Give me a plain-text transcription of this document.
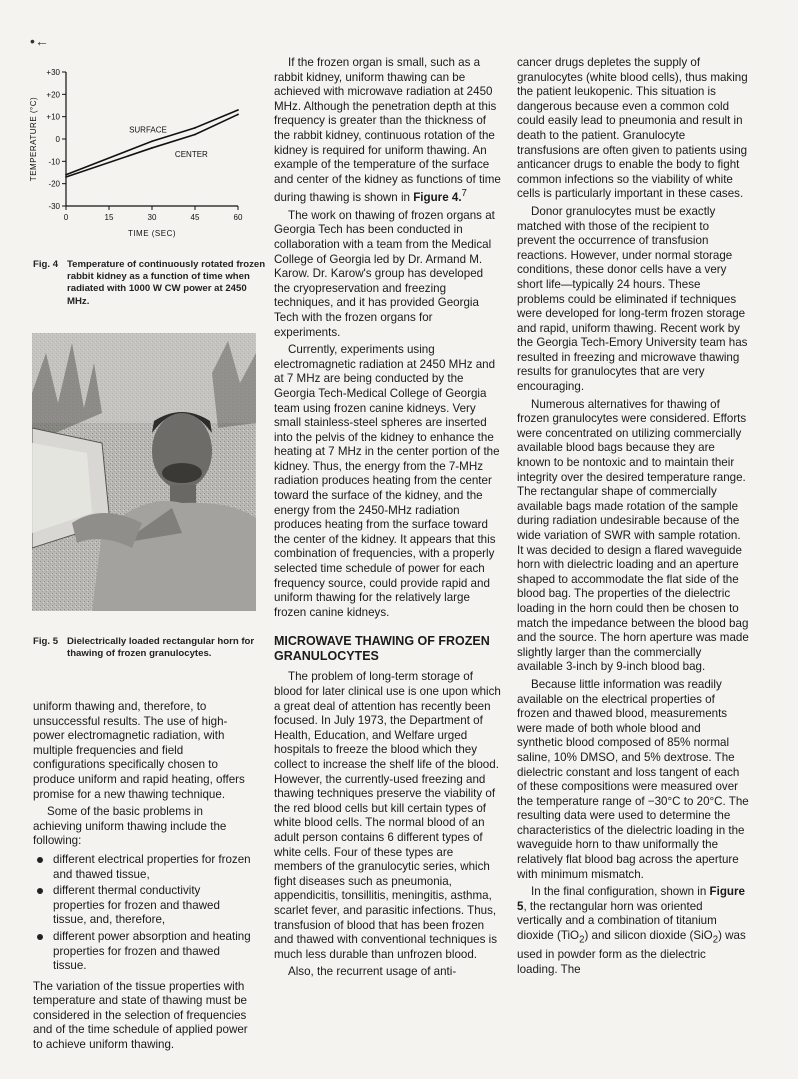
•←
+30
+20
+10
0
-10
-20
-30
0	15	30	45	60
TIME (SEC)
TEMPERATURE (°C)	SURFACE
CENTER
Fig. 4 Temperature of continuously rotated frozen rabbit kidney as a function of time when radiated with 1000 W CW power at 2450 MHz.
Fig. 5 Dielectrically loaded rectangular horn for thawing of frozen granulocytes.

uniform thawing and, therefore, to unsuccessful results. The use of high-power electromagnetic radiation, with multiple frequencies and field configurations specifically chosen to produce uniform and rapid heating, offers promise for a new thawing technique.

Some of the basic problems in achieving uniform thawing include the following:

different electrical properties for frozen and thawed tissue,
different thermal conductivity properties for frozen and thawed tissue, and, therefore,
different power absorption and heating properties for frozen and thawed tissue.

The variation of the tissue properties with temperature and state of thawing must be considered in the selection of frequencies and of the time schedule of applied power to achieve uniform thawing.

If the frozen organ is small, such as a rabbit kidney, uniform thawing can be achieved with microwave radiation at 2450 MHz. Although the penetration depth at this frequency is greater than the thickness of the rabbit kidney, continuous rotation of the kidney is required for uniform thawing. An example of the temperature of the surface and center of the kidney as functions of time during thawing is shown in Figure 4.$^7$

The work on thawing of frozen organs at Georgia Tech has been conducted in collaboration with a team from the Medical College of Georgia led by Dr. Armand M. Karow. Dr. Karow's group has developed the cryopreservation and freezing techniques, and it has provided Georgia Tech with the frozen organs for experiments.

Currently, experiments using electromagnetic radiation at 2450 MHz and at 7 MHz are being conducted by the Georgia Tech-Medical College of Georgia team using frozen canine kidneys. Very small stainless-steel spheres are inserted into the pelvis of the kidney to enhance the heating at 7 MHz in the center portion of the kidney. Thus, the energy from the 7-MHz radiation produces heating from the center toward the surface of the kidney, and the energy from the 2450-MHz radiation produces heating from the surface toward the center of the kidney. It appears that this combination of frequencies, with a properly selected time schedule of power for each frequency source, could provide rapid and uniform thawing for the relatively large frozen canine kidneys.

MICROWAVE THAWING OF FROZEN GRANULOCYTES

The problem of long-term storage of blood for later clinical use is one upon which a great deal of attention has recently been focused. In July 1973, the Department of Health, Education, and Welfare urged hospitals to freeze the blood which they collect to increase the shelf life of the blood. However, the currently-used freezing and thawing techniques preserve the viability of the red blood cells but kill certain types of white blood cells. The normal blood of an adult person contains 6 different types of white cells. Four of these types are members of the granulocytic series, which fight diseases such as pneumonia, appendicitis, tonsillitis, meningitis, asthma, scarlet fever, and parasitic infections. Thus, transfusion of blood that has been frozen and thawed with conventional techniques is much less durable than unfrozen blood.

Also, the recurrent usage of anti-

cancer drugs depletes the supply of granulocytes (white blood cells), thus making the patient leukopenic. This situation is dangerous because even a common cold could easily lead to pneumonia and result in death to the patient. Granulocyte transfusions are often given to patients using anticancer drugs to enable the body to fight common infections so the viability of white cells is particularly important in these cases.

Donor granulocytes must be exactly matched with those of the recipient to prevent the occurrence of transfusion reactions. However, under normal storage conditions, these donor cells have a very short life—typically 24 hours. These problems could be eliminated if techniques were developed for long-term frozen storage and rapid, uniform thawing. Recent work by the Georgia Tech-Emory University team has resulted in freezing and microwave thawing results for granulocytes that are very encouraging.

Numerous alternatives for thawing of frozen granulocytes were considered. Efforts were concentrated on utilizing commercially available blood bags because they are known to be nontoxic and to maintain their integrity over the desired temperature range. The rectangular shape of commercially available bags made rotation of the sample during radiation undesirable because of the wide variation of SWR with sample rotation. It was decided to design a flared waveguide horn with dielectric loading and an aperture shaped to accommodate the flat side of the blood bag. The properties of the dielectric loading in the horn could then be chosen to match the impedance between the blood bag and the source. The horn aperture was made slightly larger than the commercially available 3-inch by 9-inch blood bag.

Because little information was readily available on the electrical properties of frozen and thawed blood, measurements were made of both whole blood and synthetic blood composed of 85% normal saline, 10% DMSO, and 5% dextrose. The dielectric constant and loss tangent of each of these compositions were measured over the temperature range of −30°C to 20°C. The resulting data were used to determine the characteristics of the dielectric loading in the waveguide horn to thaw uniformally the relatively flat blood bag across the aperture with minimum mismatch.

In the final configuration, shown in Figure 5, the rectangular horn was oriented vertically and a combination of titanium dioxide (TiO$_2$) and silicon dioxide (SiO$_2$) was used in powder form as the dielectric loading. The
